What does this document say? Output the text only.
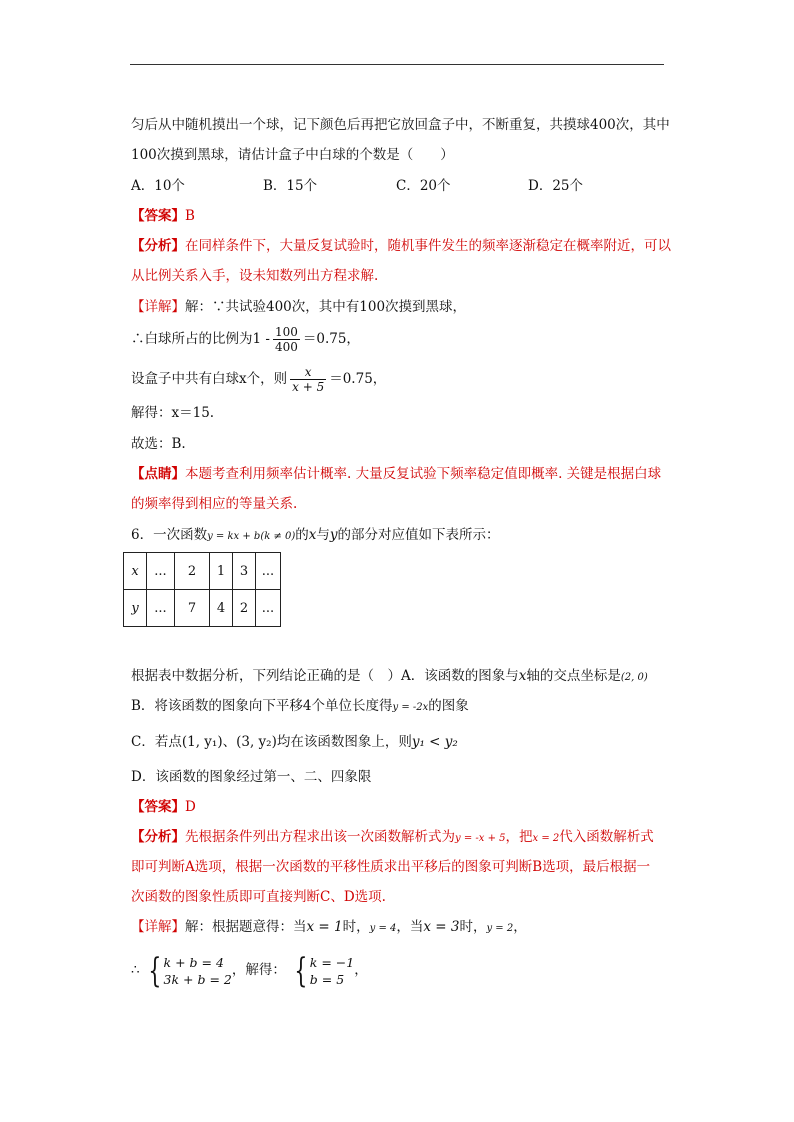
匀后从中随机摸出一个球，记下颜色后再把它放回盒子中，不断重复，共摸球400次，其中
100次摸到黑球，请估计盒子中白球的个数是（　　）
A．10个	B．15个	C．20个	D．25个
【答案】B
【分析】在同样条件下，大量反复试验时，随机事件发生的频率逐渐稳定在概率附近，可以
从比例关系入手，设未知数列出方程求解.
【详解】解：∵共试验400次，其中有100次摸到黑球，
∴白球所占的比例为$1 - \frac{100}{400} =0.75$，
设盒子中共有白球x个，则 $\frac{x}{x + 5} =0.75$，
解得：x＝15.
故选：B.
【点睛】本题考查利用频率估计概率. 大量反复试验下频率稳定值即概率. 关键是根据白球
的频率得到相应的等量关系.
6．一次函数y = kx + b(k ≠ 0)的x与y的部分对应值如下表所示：
x	...	2	1	3	...
y	...	7	4	2	...
根据表中数据分析，下列结论正确的是（　）A．该函数的图象与x轴的交点坐标是(2, 0)
B．将该函数的图象向下平移4个单位长度得y = -2x的图象
C．若点(1, y₁)、(3, y₂)均在该函数图象上，则y₁ < y₂
D．该函数的图象经过第一、二、四象限
【答案】D
【分析】先根据条件列出方程求出该一次函数解析式为y = -x + 5，把x = 2代入函数解析式
即可判断A选项，根据一次函数的平移性质求出平移后的图象可判断B选项，最后根据一
次函数的图象性质即可直接判断C、D选项.
【详解】解：根据题意得：当x = 1时，y = 4，当x = 3时，y = 2，
∴ { k + b = 4
3k + b = 2
，解得： { k = −1
b = 5
，
